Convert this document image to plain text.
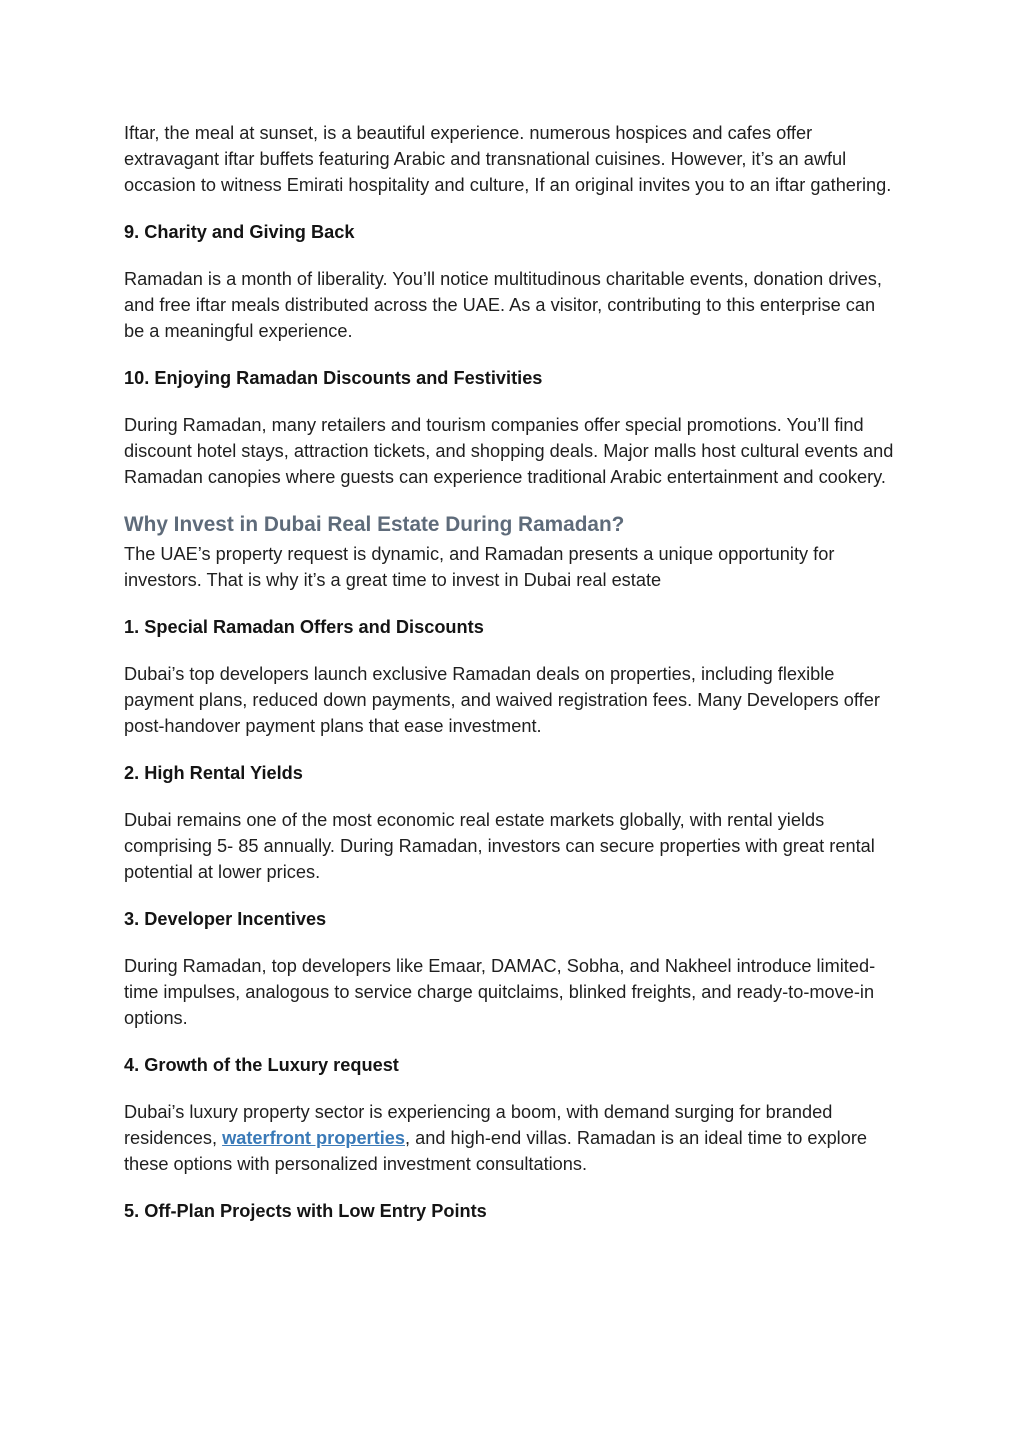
Iftar, the meal at sunset, is a beautiful experience. numerous hospices and cafes offer extravagant iftar buffets featuring Arabic and transnational cuisines. However, it’s an awful occasion to witness Emirati hospitality and culture, If an original invites you to an iftar gathering.

9. Charity and Giving Back

Ramadan is a month of liberality. You’ll notice multitudinous charitable events, donation drives, and free iftar meals distributed across the UAE. As a visitor, contributing to this enterprise can be a meaningful experience.

10. Enjoying Ramadan Discounts and Festivities

During Ramadan, many retailers and tourism companies offer special promotions. You’ll find discount hotel stays, attraction tickets, and shopping deals. Major malls host cultural events and Ramadan canopies where guests can experience traditional Arabic entertainment and cookery.

Why Invest in Dubai Real Estate During Ramadan?

The UAE’s property request is dynamic, and Ramadan presents a unique opportunity for investors. That is why it’s a great time to invest in Dubai real estate

1. Special Ramadan Offers and Discounts

Dubai’s top developers launch exclusive Ramadan deals on properties, including flexible payment plans, reduced down payments, and waived registration fees. Many Developers offer post-handover payment plans that ease investment.

2. High Rental Yields

Dubai remains one of the most economic real estate markets globally, with rental yields comprising 5- 85 annually. During Ramadan, investors can secure properties with great rental potential at lower prices.

3. Developer Incentives

During Ramadan, top developers like Emaar, DAMAC, Sobha, and Nakheel introduce limited-time impulses, analogous to service charge quitclaims, blinked freights, and ready-to-move-in options.

4. Growth of the Luxury request

Dubai’s luxury property sector is experiencing a boom, with demand surging for branded residences, waterfront properties, and high-end villas. Ramadan is an ideal time to explore these options with personalized investment consultations.

5. Off-Plan Projects with Low Entry Points
